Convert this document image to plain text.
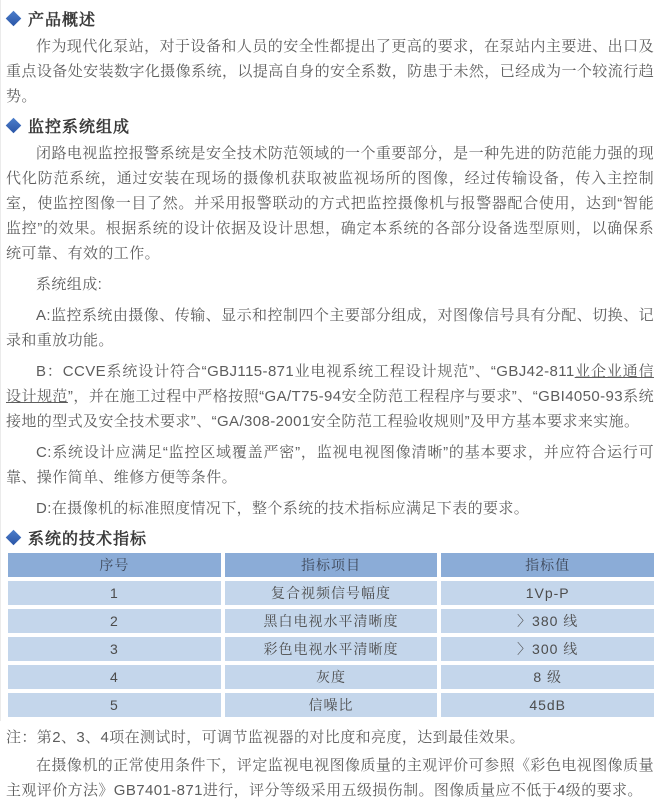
产品概述

作为现代化泵站，对于设备和人员的安全性都提出了更高的要求，在泵站内主要进、出口及重点设备处安装数字化摄像系统，以提高自身的安全系数，防患于未然，已经成为一个较流行趋势。

监控系统组成

闭路电视监控报警系统是安全技术防范领域的一个重要部分，是一种先进的防范能力强的现代化防范系统，通过安装在现场的摄像机获取被监视场所的图像，经过传输设备，传入主控制室，使监控图像一目了然。并采用报警联动的方式把监控摄像机与报警器配合使用，达到“智能监控”的效果。根据系统的设计依据及设计思想，确定本系统的各部分设备选型原则，以确保系统可靠、有效的工作。

系统组成:

A:监控系统由摄像、传输、显示和控制四个主要部分组成，对图像信号具有分配、切换、记录和重放功能。

B：CCVE系统设计符合“GBJ115-871业电视系统工程设计规范”、“GBJ42-811业企业通信设计规范”，并在施工过程中严格按照“GA/T75-94安全防范工程程序与要求”、“GBI4050-93系统接地的型式及安全技术要求”、“GA/308-2001安全防范工程验收规则”及甲方基本要求来实施。

C:系统设计应满足“监控区域覆盖严密”，监视电视图像清晰”的基本要求，并应符合运行可靠、操作简单、维修方便等条件。

D:在摄像机的标准照度情况下，整个系统的技术指标应满足下表的要求。

系统的技术指标
序号	指标项目	指标值
1	复合视频信号幅度	1Vp-P
2	黑白电视水平清晰度	〉380 线
3	彩色电视水平清晰度	〉300 线
4	灰度	8 级
5	信噪比	45dB

注：第2、3、4项在测试时，可调节监视器的对比度和亮度，达到最佳效果。

在摄像机的正常使用条件下，评定监视电视图像质量的主观评价可参照《彩色电视图像质量主观评价方法》GB7401-871进行，评分等级采用五级损伤制。图像质量应不低于4级的要求。
